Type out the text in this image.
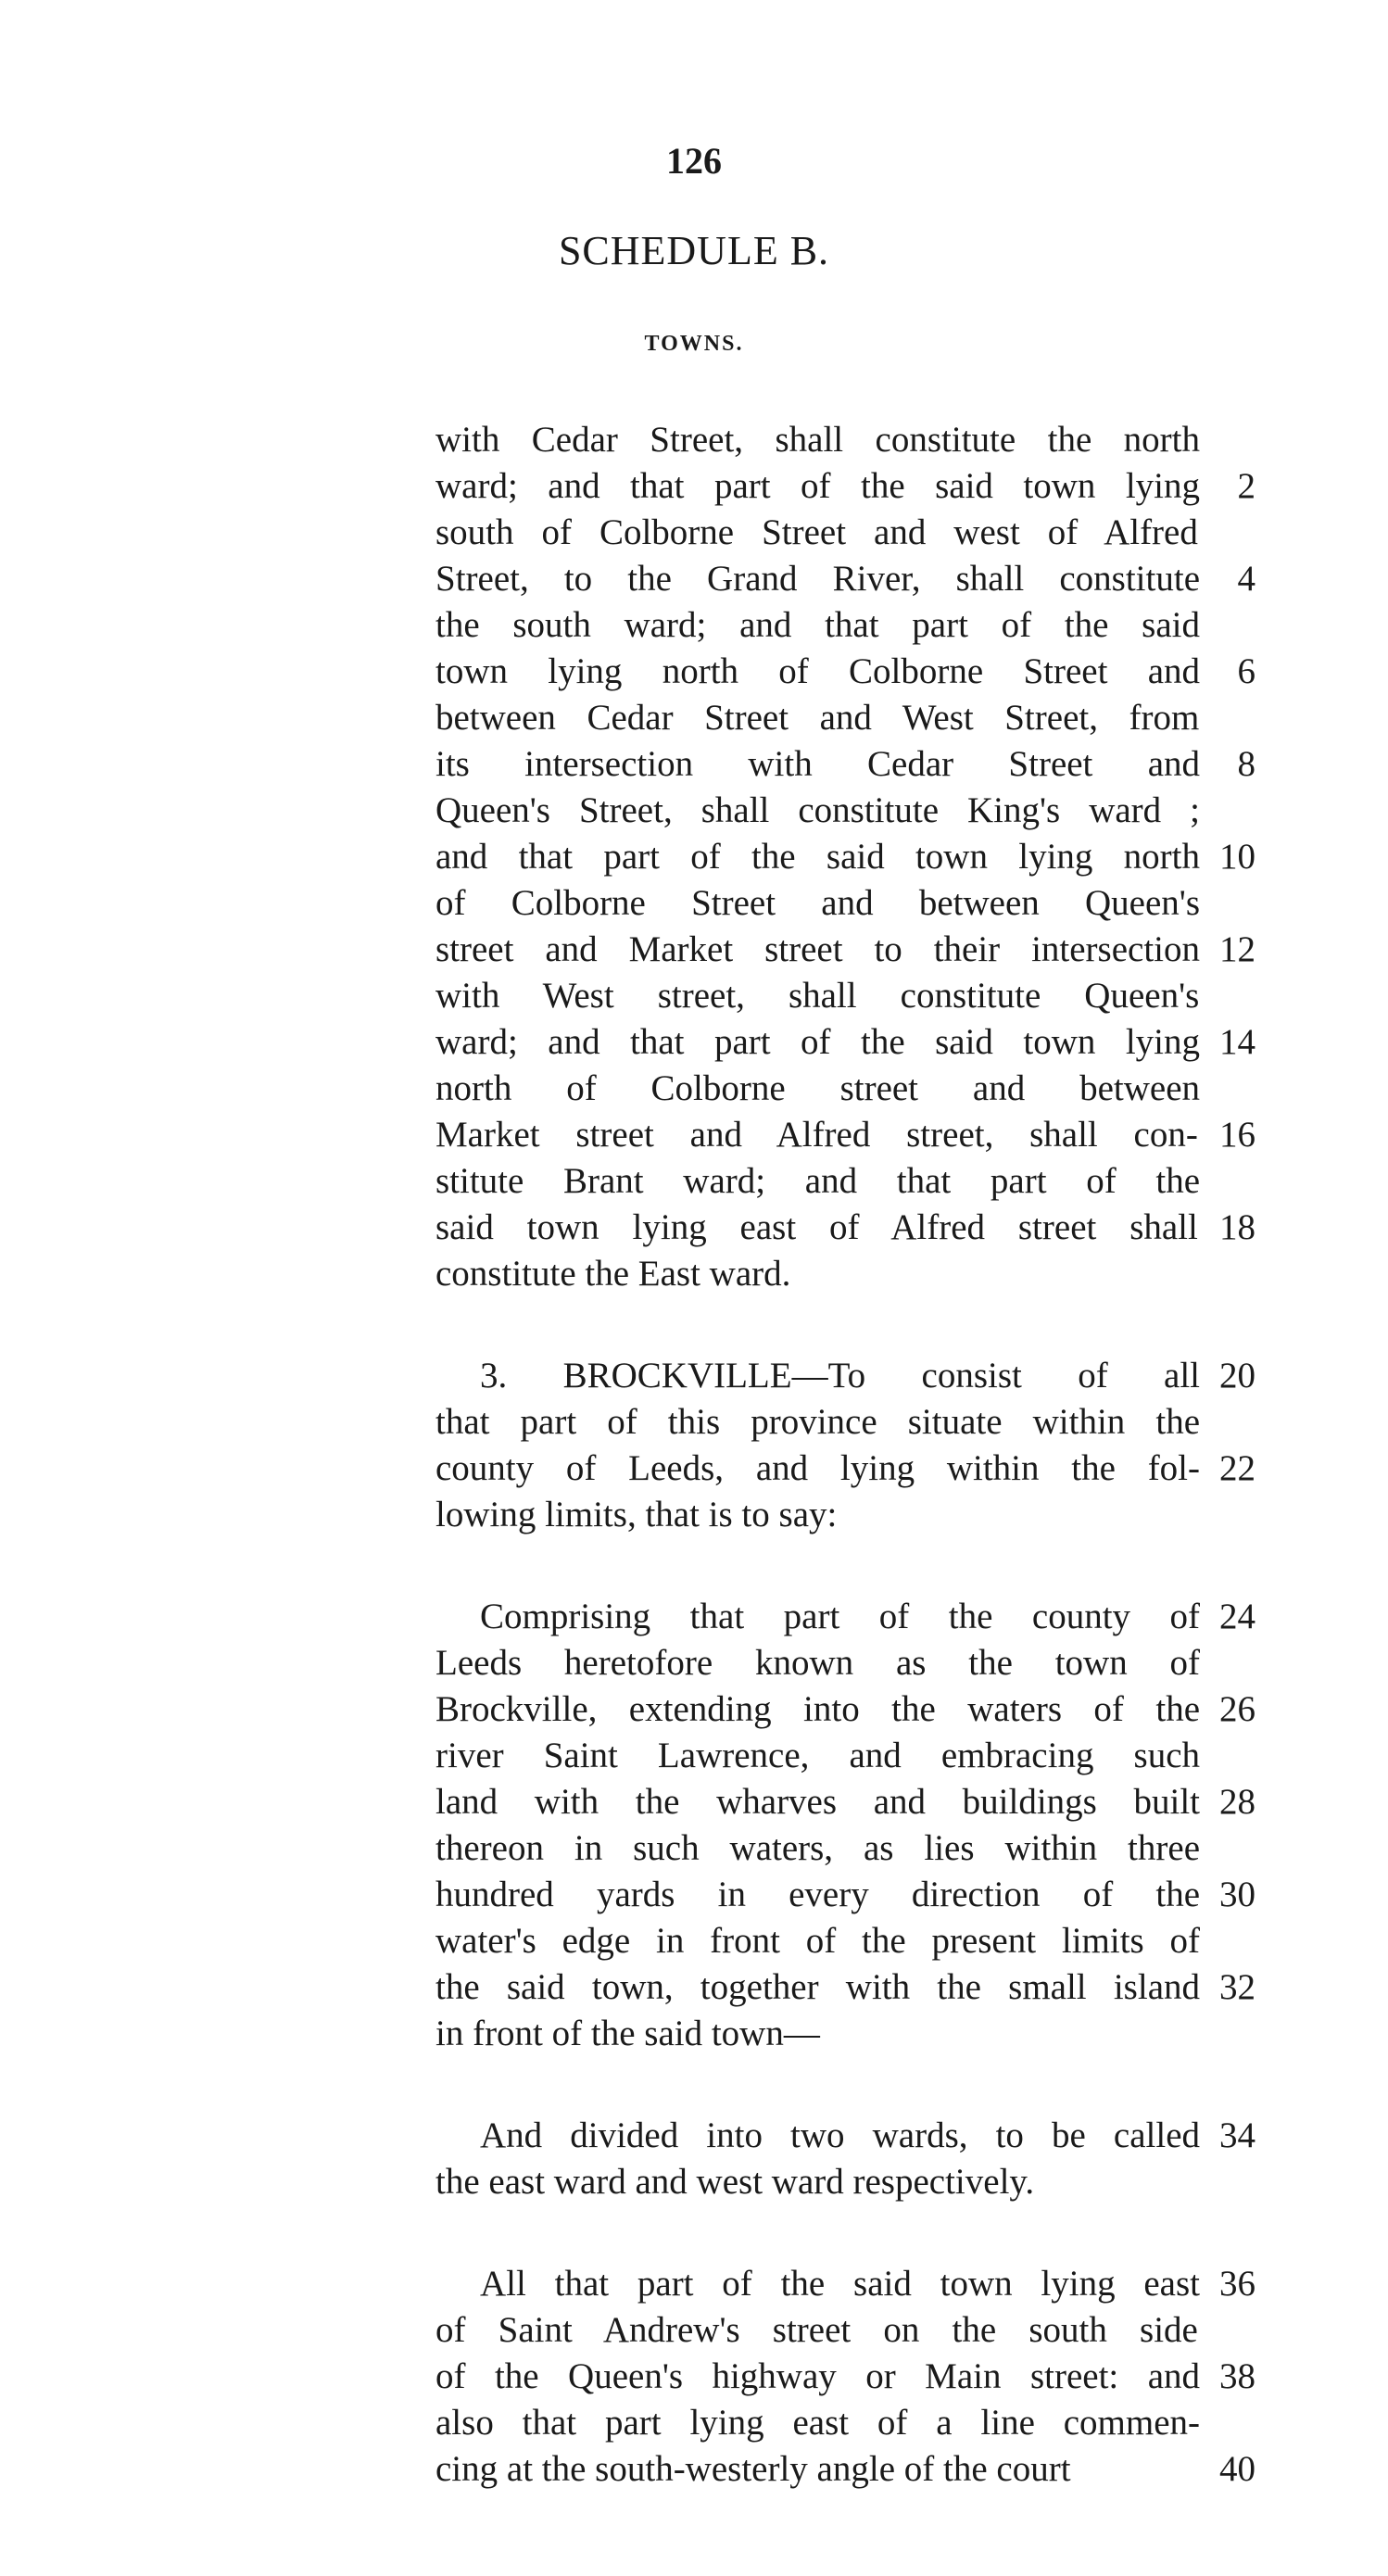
126
SCHEDULE B.
TOWNS.
with Cedar Street, shall constitute the north
ward; and that part of the said town lying 2
south of Colborne Street and west of Alfred
Street, to the Grand River, shall constitute 4
the south ward; and that part of the said
town lying north of Colborne Street and 6
between Cedar Street and West Street, from
its intersection with Cedar Street and 8
Queen's Street, shall constitute King's ward ;
and that part of the said town lying north 10
of Colborne Street and between Queen's
street and Market street to their intersection 12
with West street, shall constitute Queen's
ward; and that part of the said town lying 14
north of Colborne street and between
Market street and Alfred street, shall con- 16
stitute Brant ward; and that part of the
said town lying east of Alfred street shall 18
constitute the East ward.
3. BROCKVILLE—To consist of all 20
that part of this province situate within the
county of Leeds, and lying within the fol- 22
lowing limits, that is to say:
Comprising that part of the county of 24
Leeds heretofore known as the town of
Brockville, extending into the waters of the 26
river Saint Lawrence, and embracing such
land with the wharves and buildings built 28
thereon in such waters, as lies within three
hundred yards in every direction of the 30
water's edge in front of the present limits of
the said town, together with the small island 32
in front of the said town—
And divided into two wards, to be called 34
the east ward and west ward respectively.
All that part of the said town lying east 36
of Saint Andrew's street on the south side
of the Queen's highway or Main street: and 38
also that part lying east of a line commen-
cing at the south-westerly angle of the court	40
